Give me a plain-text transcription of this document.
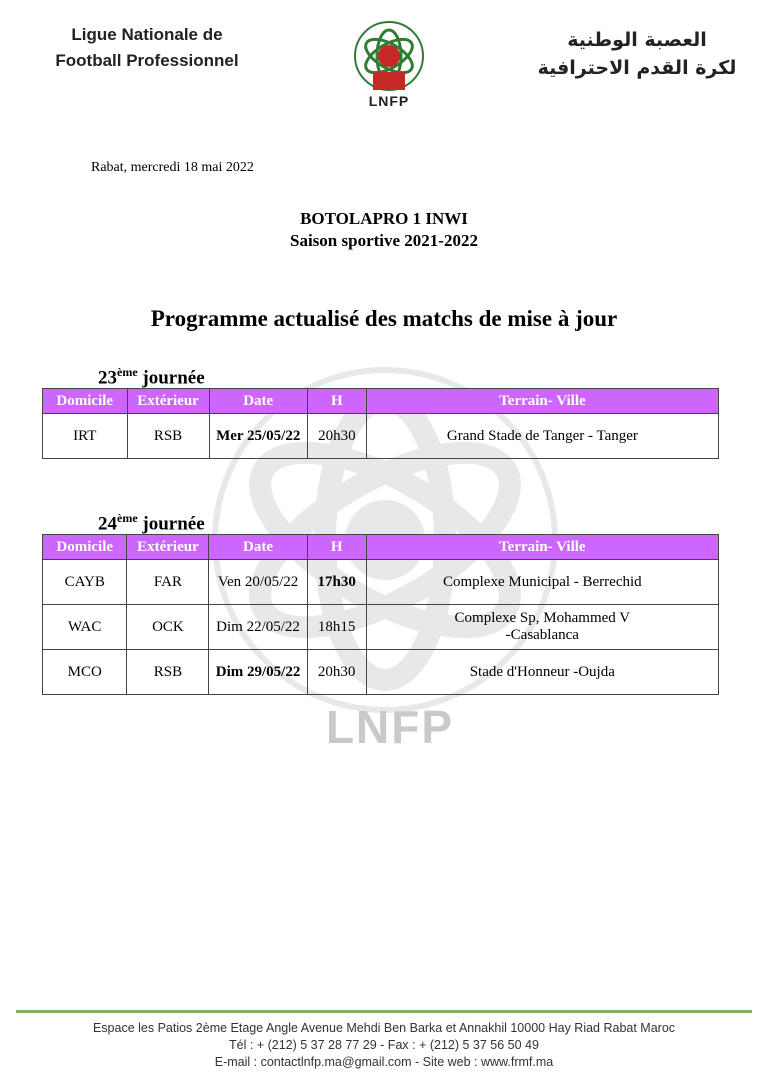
Ligue Nationale de
Football Professionnel
LNFP
العصبة الوطنية
لكرة القدم الاحترافية
LNFP
Rabat, mercredi 18 mai 2022
BOTOLAPRO 1 INWI
Saison sportive 2021-2022
Programme actualisé des matchs de mise à jour
23ème journée
Domicile	Extérieur	Date	H	Terrain- Ville
IRT	RSB	Mer 25/05/22	20h30	Grand Stade de Tanger - Tanger
24ème journée
Domicile	Extérieur	Date	H	Terrain- Ville
CAYB	FAR	Ven 20/05/22	17h30	Complexe Municipal - Berrechid
WAC	OCK	Dim 22/05/22	18h15	Complexe Sp, Mohammed V
-Casablanca

MCO	RSB	Dim 29/05/22	20h30	Stade d'Honneur -Oujda
Espace les Patios 2ème Etage Angle Avenue Mehdi Ben Barka et Annakhil 10000 Hay Riad Rabat Maroc
Tél : + (212) 5 37 28 77 29 - Fax : + (212) 5 37 56 50 49
E-mail : contactlnfp.ma@gmail.com - Site web : www.frmf.ma
